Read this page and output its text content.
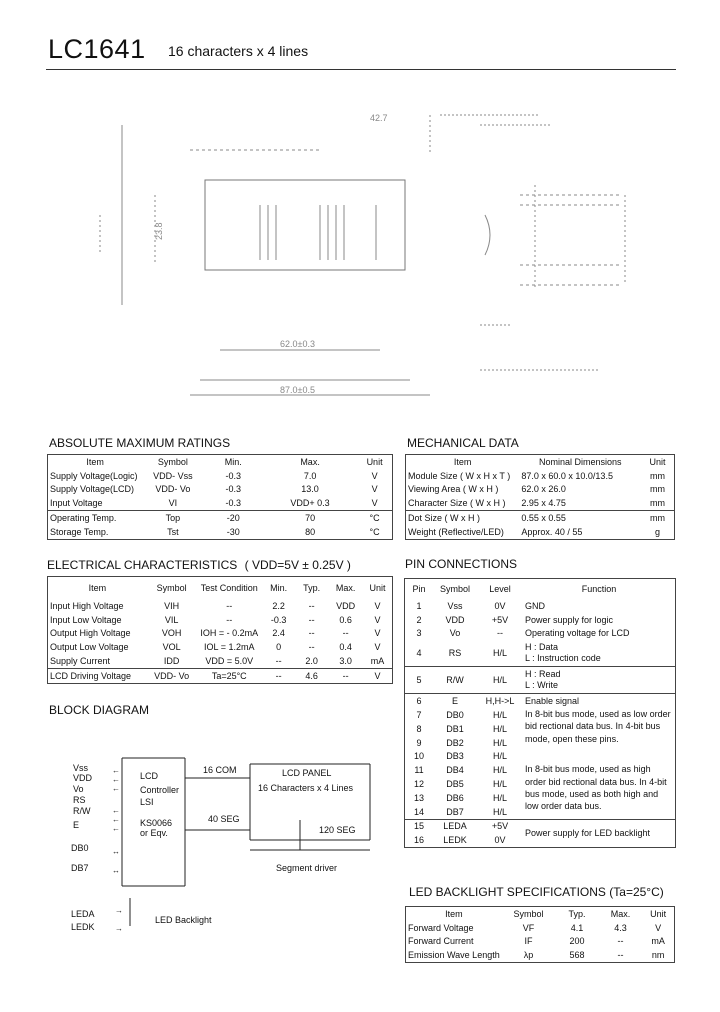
LC1641 16 characters x 4 lines
42.7
23.8
62.0±0.3
87.0±0.5
ABSOLUTE MAXIMUM RATINGS
Item	Symbol	Min.	Max.	Unit
Supply Voltage(Logic)	VDD- Vss	-0.3	7.0	V
Supply Voltage(LCD)	VDD- Vo	-0.3	13.0	V
Input Voltage	VI	-0.3	VDD+ 0.3	V
Operating Temp.	Top	-20	70	°C
Storage Temp.	Tst	-30	80	°C
MECHANICAL DATA
Item	Nominal Dimensions	Unit
Module Size ( W x H x T )	87.0 x 60.0 x 10.0/13.5	mm
Viewing Area ( W x H )	62.0 x 26.0	mm
Character Size ( W x H )	2.95 x 4.75	mm
Dot Size ( W x H )	0.55 x 0.55	mm
Weight (Reflective/LED)	Approx. 40 / 55	g
ELECTRICAL CHARACTERISTICS ( VDD=5V ± 0.25V )
Item	Symbol	Test Condition	Min.	Typ.	Max.	Unit
Input High Voltage	VIH	--	2.2	--	VDD	V
Input Low Voltage	VIL	--	-0.3	--	0.6	V
Output High Voltage	VOH	IOH = - 0.2mA	2.4	--	--	V
Output Low Voltage	VOL	IOL = 1.2mA	0	--	0.4	V
Supply Current	IDD	VDD = 5.0V	--	2.0	3.0	mA
LCD Driving Voltage	VDD- Vo	Ta=25°C	--	4.6	--	V
PIN CONNECTIONS
Pin	Symbol	Level	Function
1	Vss	0V	GND
2	VDD	+5V	Power supply for logic
3	Vo	--	Operating voltage for LCD
4	RS	H/L	H : Data
L : Instruction code
5	R/W	H/L	H : Read
L : Write
6	E	H,H->L	Enable signal
7	DB0	H/L	In 8-bit bus mode, used as low order bid rectional data bus. In 4-bit bus mode, open these pins.
8	DB1	H/L	
9	DB2	H/L	
10	DB3	H/L	
11	DB4	H/L	In 8-bit bus mode, used as high order bid rectional data bus. In 4-bit bus mode, used as both high and low order data bus.
12	DB5	H/L	
13	DB6	H/L	
14	DB7	H/L	
15	LEDA	+5V	Power supply for LED backlight
16	LEDK	0V	
BLOCK DIAGRAM
←
←
←
←
←
←
↔
↔
→
→
Vss
VDD
Vo
RS
R/W
E
DB0
DB7
LCD
Controller
LSI
KS0066
or Eqv.
16 COM	LCD PANEL
16 Characters x 4 Lines
40 SEG
120 SEG
Segment driver
LEDA
LEDK
LED Backlight
LED BACKLIGHT SPECIFICATIONS (Ta=25°C)
Item	Symbol	Typ.	Max.	Unit
Forward Voltage	VF	4.1	4.3	V
Forward Current	IF	200	--	mA
Emission Wave Length	λp	568	--	nm
